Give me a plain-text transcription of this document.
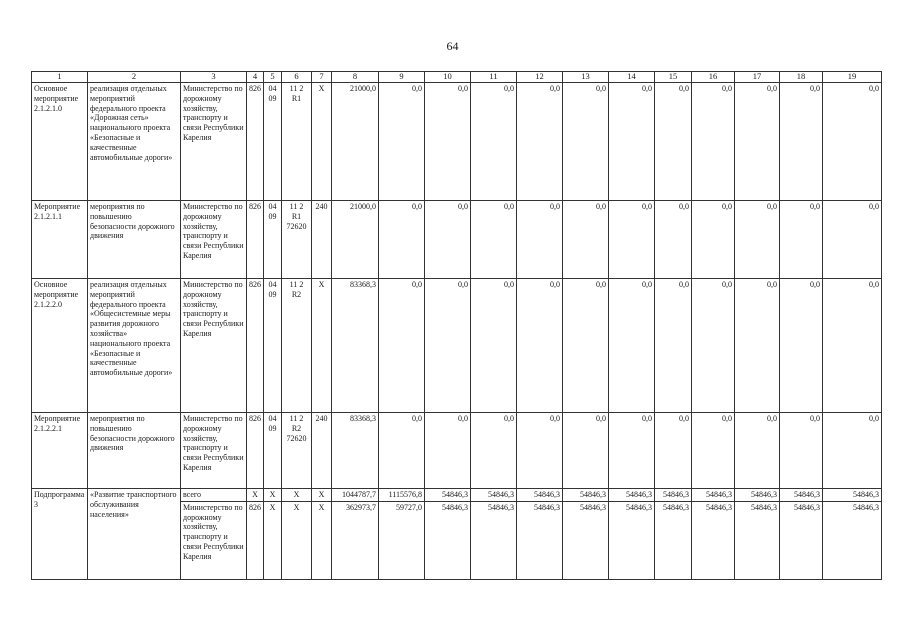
64
1	2	3	4	5	6	7	8	9	10	11	12	13	14	15	16	17	18	19
Основное мероприятие 2.1.2.1.0	реализация отдельных мероприятий федерального проекта «Дорожная сеть» национального проекта «Безопасные и качественные автомобильные дороги»	Министерство по дорожному хозяйству, транспорту и связи Республики Карелия	826	04 09	11 2 R1	X	21000,0	0,0	0,0	0,0	0,0	0,0	0,0	0,0	0,0	0,0	0,0	0,0
Мероприятие 2.1.2.1.1	мероприятия по повышению безопасности дорожного движения	Министерство по дорожному хозяйству, транспорту и связи Республики Карелия	826	04 09	11 2 R1 72620	240	21000,0	0,0	0,0	0,0	0,0	0,0	0,0	0,0	0,0	0,0	0,0	0,0
Основное мероприятие 2.1.2.2.0	реализация отдельных мероприятий федерального проекта «Общесистемные меры развития дорожного хозяйства» национального проекта «Безопасные и качественные автомобильные дороги»	Министерство по дорожному хозяйству, транспорту и связи Республики Карелия	826	04 09	11 2 R2	X	83368,3	0,0	0,0	0,0	0,0	0,0	0,0	0,0	0,0	0,0	0,0	0,0
Мероприятие 2.1.2.2.1	мероприятия по повышению безопасности дорожного движения	Министерство по дорожному хозяйству, транспорту и связи Республики Карелия	826	04 09	11 2 R2 72620	240	83368,3	0,0	0,0	0,0	0,0	0,0	0,0	0,0	0,0	0,0	0,0	0,0
Подпрограмма 3	«Развитие транспортного обслуживания населения»	всего	X	X	X	X	1044787,7	1115576,8	54846,3	54846,3	54846,3	54846,3	54846,3	54846,3	54846,3	54846,3	54846,3	54846,3
		Министерство по дорожному хозяйству, транспорту и связи Республики Карелия	826	X	X	X	362973,7	59727,0	54846,3	54846,3	54846,3	54846,3	54846,3	54846,3	54846,3	54846,3	54846,3	54846,3
